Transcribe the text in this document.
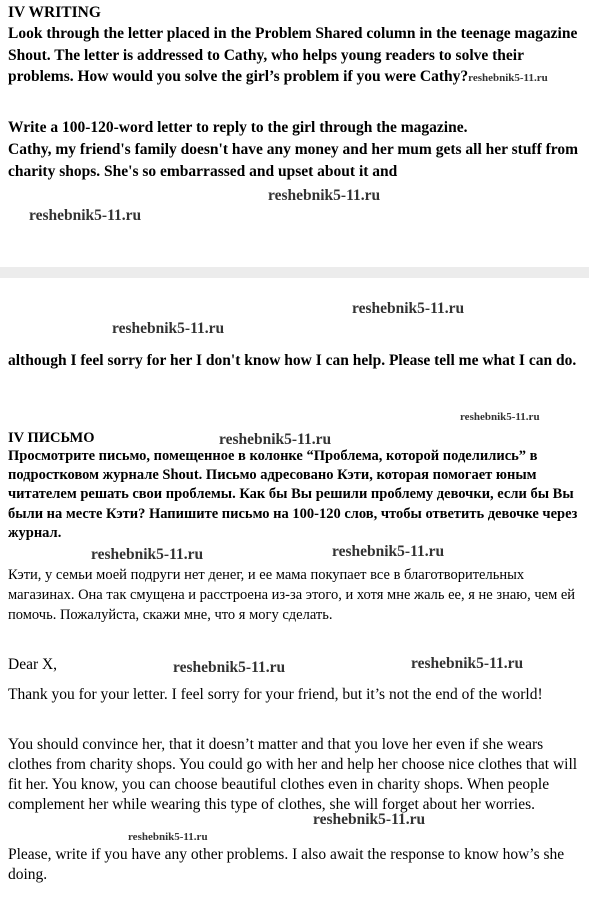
IV WRITING

Look through the letter placed in the Problem Shared column in the teenage magazine Shout. The letter is addressed to Cathy, who helps young readers to solve their problems. How would you solve the girl’s problem if you were Cathy?reshebnik5-11.ru

Write a 100-120-word letter to reply to the girl through the magazine.

Cathy, my friend's family doesn't have any money and her mum gets all her stuff from charity shops. She's so embarrassed and upset about it and

reshebnik5-11.ru
reshebnik5-11.ru
reshebnik5-11.ru
reshebnik5-11.ru

although I feel sorry for her I don't know how I can help. Please tell me what I can do.

reshebnik5-11.ru
IV ПИСЬМО	reshebnik5-11.ru

Просмотрите письмо, помещенное в колонке “Проблема, которой поделились” в подростковом журнале Shout. Письмо адресовано Кэти, которая помогает юным читателем решать свои проблемы. Как бы Вы решили проблему девочки, если бы Вы были на месте Кэти? Напишите письмо на 100-120 слов, чтобы ответить девочке через журнал.

reshebnik5-11.ru	reshebnik5-11.ru

Кэти, у семьи моей подруги нет денег, и ее мама покупает все в благотворительных магазинах. Она так смущена и расстроена из-за этого, и хотя мне жаль ее, я не знаю, чем ей помочь. Пожалуйста, скажи мне, что я могу сделать.

Dear X,	reshebnik5-11.ru	reshebnik5-11.ru

Thank you for your letter. I feel sorry for your friend, but it’s not the end of the world!

You should convince her, that it doesn’t matter and that you love her even if she wears clothes from charity shops. You could go with her and help her choose nice clothes that will fit her. You know, you can choose beautiful clothes even in charity shops. When people complement her while wearing this type of clothes, she will forget about her worries.

reshebnik5-11.ru
reshebnik5-11.ru

Please, write if you have any other problems. I also await the response to know how’s she doing.
